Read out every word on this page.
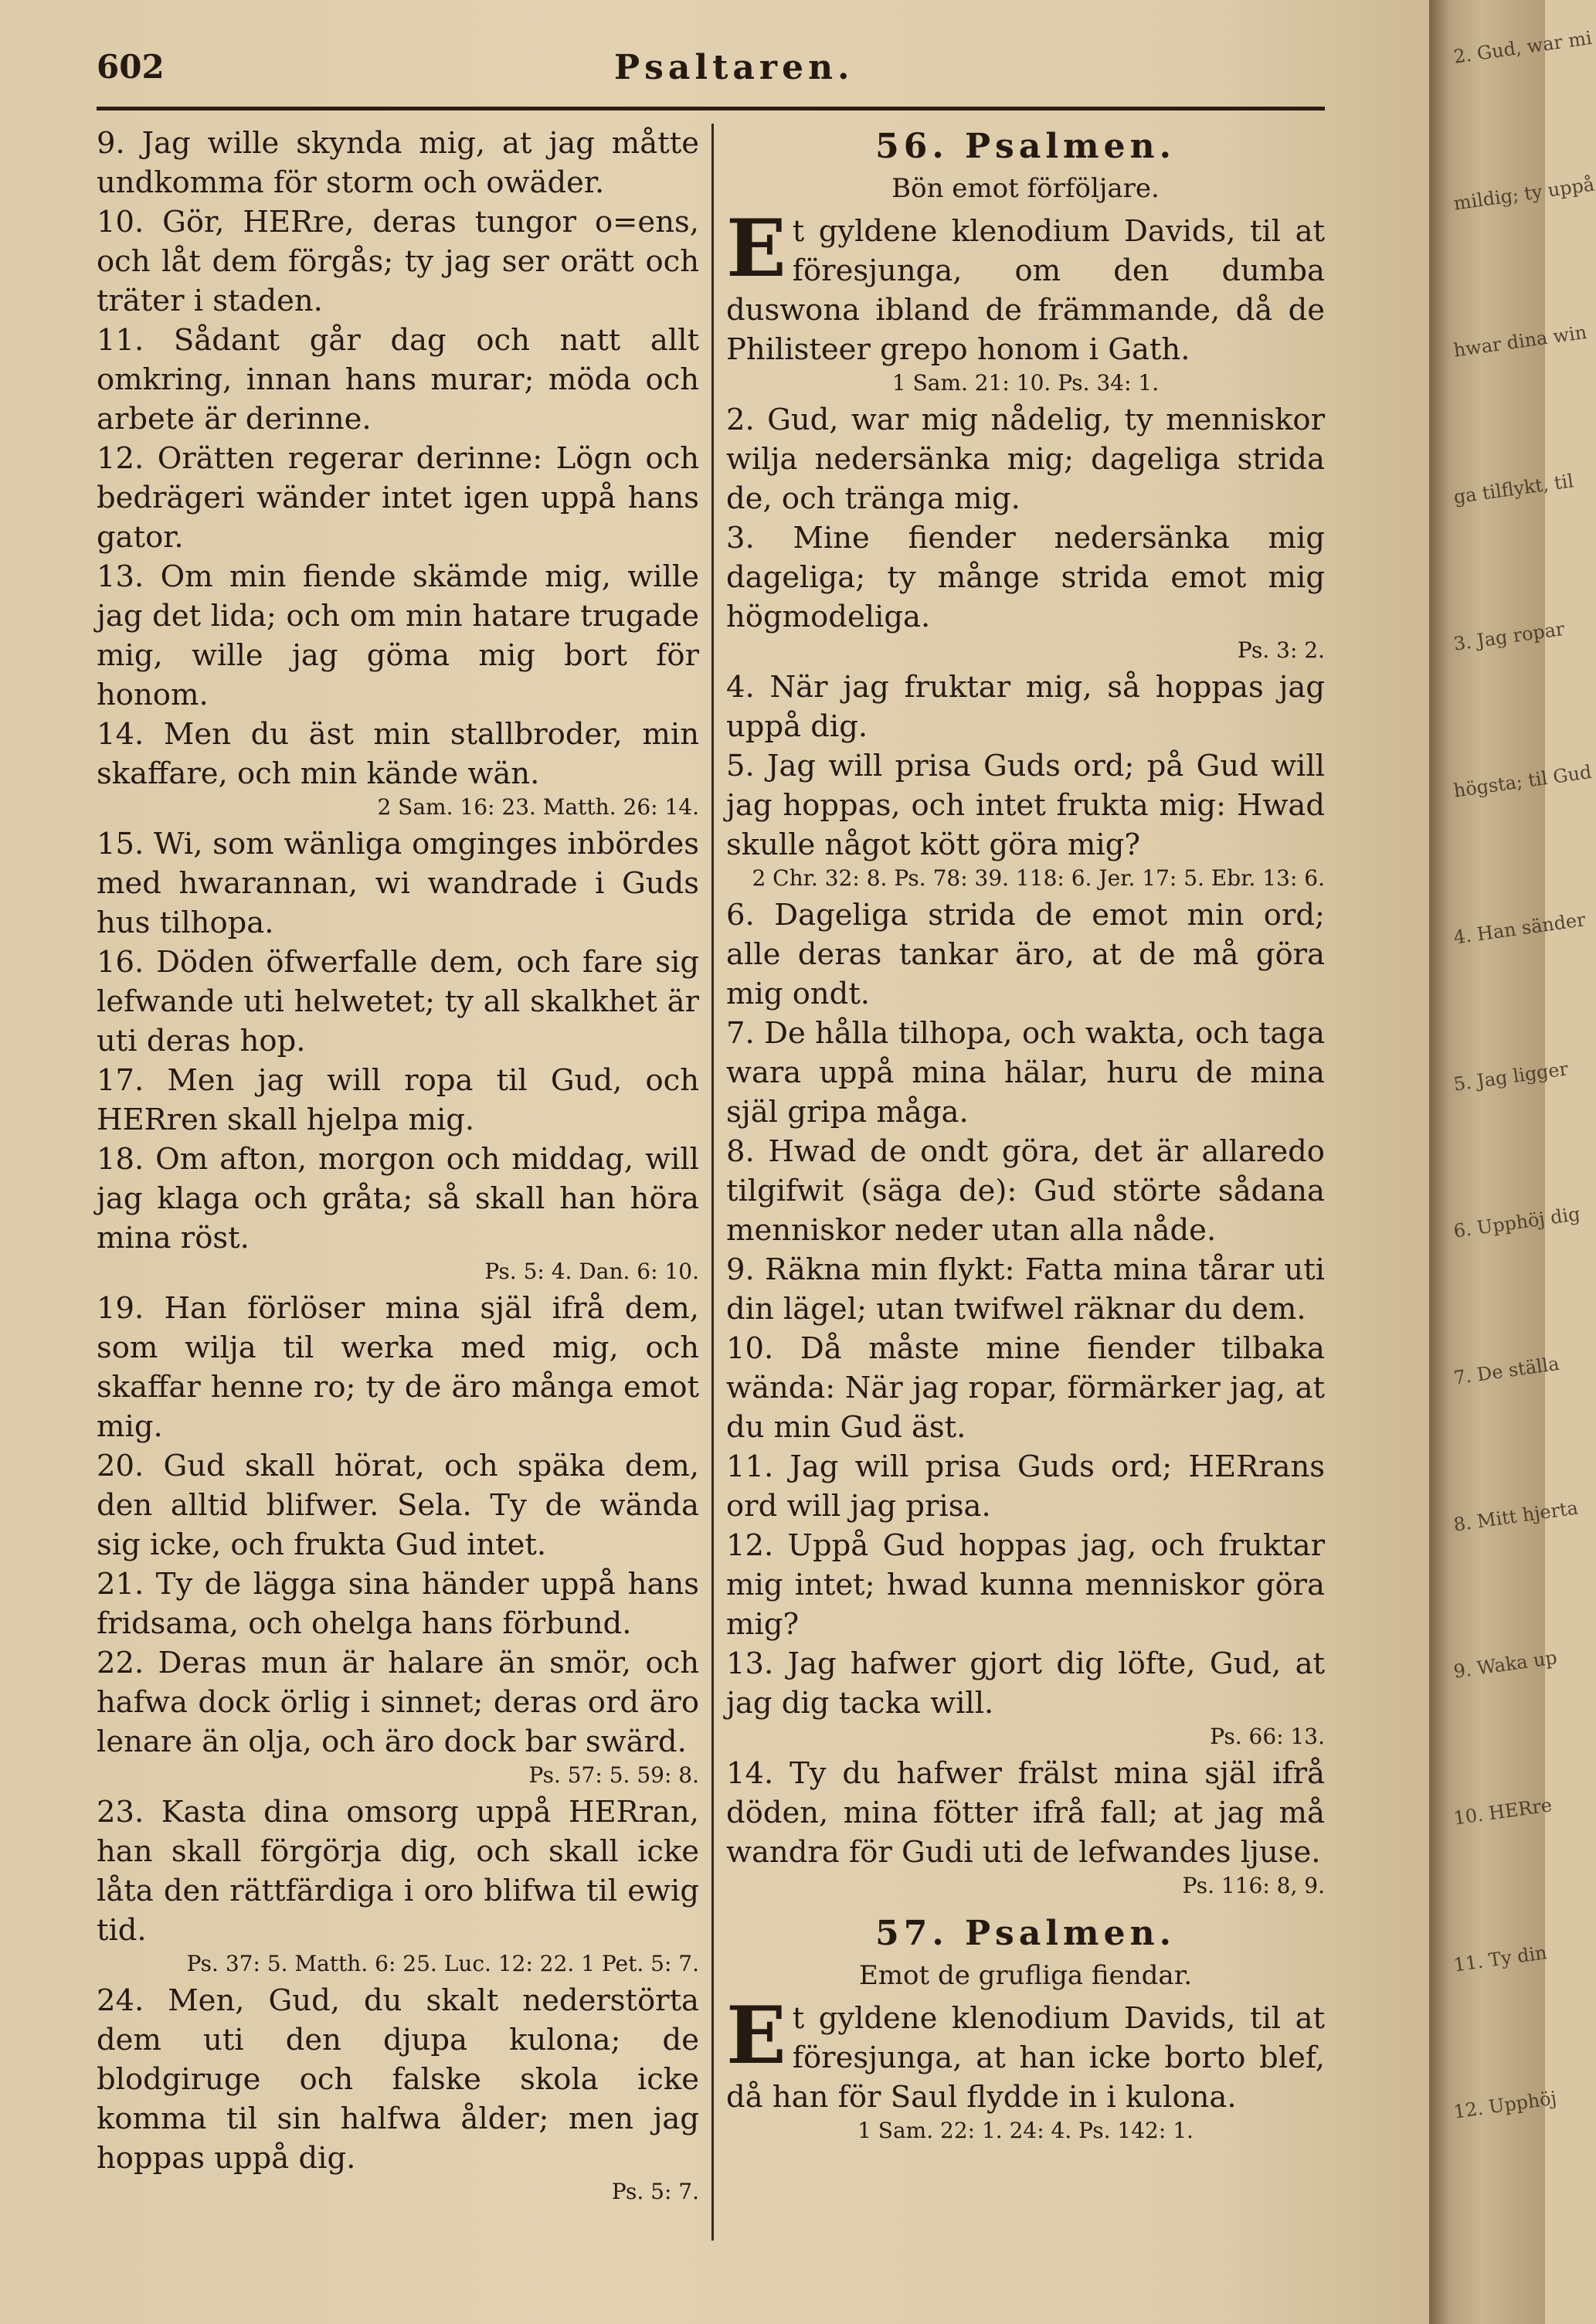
602	Psaltaren.

9. Jag wille skynda mig, at jag måtte undkomma för storm och owäder.

10. Gör, HERre, deras tungor o=ens, och låt dem förgås; ty jag ser orätt och träter i staden.

11. Sådant går dag och natt allt omkring, innan hans murar; möda och arbete är derinne.

12. Orätten regerar derinne: Lögn och bedrägeri wänder intet igen uppå hans gator.

13. Om min fiende skämde mig, wille jag det lida; och om min hatare trugade mig, wille jag göma mig bort för honom.

14. Men du äst min stallbroder, min skaffare, och min kände wän.

2 Sam. 16: 23. Matth. 26: 14.

15. Wi, som wänliga omginges inbördes med hwarannan, wi wandrade i Guds hus tilhopa.

16. Döden öfwerfalle dem, och fare sig lefwande uti helwetet; ty all skalkhet är uti deras hop.

17. Men jag will ropa til Gud, och HERren skall hjelpa mig.

18. Om afton, morgon och middag, will jag klaga och gråta; så skall han höra mina röst.

Ps. 5: 4. Dan. 6: 10.

19. Han förlöser mina själ ifrå dem, som wilja til werka med mig, och skaffar henne ro; ty de äro många emot mig.

20. Gud skall hörat, och späka dem, den alltid blifwer. Sela. Ty de wända sig icke, och frukta Gud intet.

21. Ty de lägga sina händer uppå hans fridsama, och ohelga hans förbund.

22. Deras mun är halare än smör, och hafwa dock örlig i sinnet; deras ord äro lenare än olja, och äro dock bar swärd.

Ps. 57: 5. 59: 8.

23. Kasta dina omsorg uppå HERran, han skall förgörja dig, och skall icke låta den rättfärdiga i oro blifwa til ewig tid.

Ps. 37: 5. Matth. 6: 25. Luc. 12: 22. 1 Pet. 5: 7.

24. Men, Gud, du skalt nederstörta dem uti den djupa kulona; de blodgiruge och falske skola icke komma til sin halfwa ålder; men jag hoppas uppå dig.

Ps. 5: 7.

56. Psalmen.

Bön emot förföljare.

Et gyldene klenodium Davids, til at föresjunga, om den dumba duswona ibland de främmande, då de Philisteer grepo honom i Gath.

1 Sam. 21: 10. Ps. 34: 1.

2. Gud, war mig nådelig, ty menniskor wilja nedersänka mig; dageliga strida de, och tränga mig.

3. Mine fiender nedersänka mig dageliga; ty månge strida emot mig högmodeliga.

Ps. 3: 2.

4. När jag fruktar mig, så hoppas jag uppå dig.

5. Jag will prisa Guds ord; på Gud will jag hoppas, och intet frukta mig: Hwad skulle något kött göra mig?

2 Chr. 32: 8. Ps. 78: 39. 118: 6. Jer. 17: 5. Ebr. 13: 6.

6. Dageliga strida de emot min ord; alle deras tankar äro, at de må göra mig ondt.

7. De hålla tilhopa, och wakta, och taga wara uppå mina hälar, huru de mina själ gripa måga.

8. Hwad de ondt göra, det är allaredo tilgifwit (säga de): Gud störte sådana menniskor neder utan alla nåde.

9. Räkna min flykt: Fatta mina tårar uti din lägel; utan twifwel räknar du dem.

10. Då måste mine fiender tilbaka wända: När jag ropar, förmärker jag, at du min Gud äst.

11. Jag will prisa Guds ord; HERrans ord will jag prisa.

12. Uppå Gud hoppas jag, och fruktar mig intet; hwad kunna menniskor göra mig?

13. Jag hafwer gjort dig löfte, Gud, at jag dig tacka will.

Ps. 66: 13.

14. Ty du hafwer frälst mina själ ifrå döden, mina fötter ifrå fall; at jag må wandra för Gudi uti de lefwandes ljuse.

Ps. 116: 8, 9.

57. Psalmen.

Emot de grufliga fiendar.

Et gyldene klenodium Davids, til at föresjunga, at han icke borto blef, då han för Saul flydde in i kulona.

1 Sam. 22: 1. 24: 4. Ps. 142: 1.

2. Gud, war mi
mildig; ty uppå
hwar dina win
ga tilflykt, til
3. Jag ropar
högsta; til Gud
4. Han sänder
5. Jag ligger
6. Upphöj dig
7. De ställa
8. Mitt hjerta
9. Waka up
10. HERre
11. Ty din
12. Upphöj
